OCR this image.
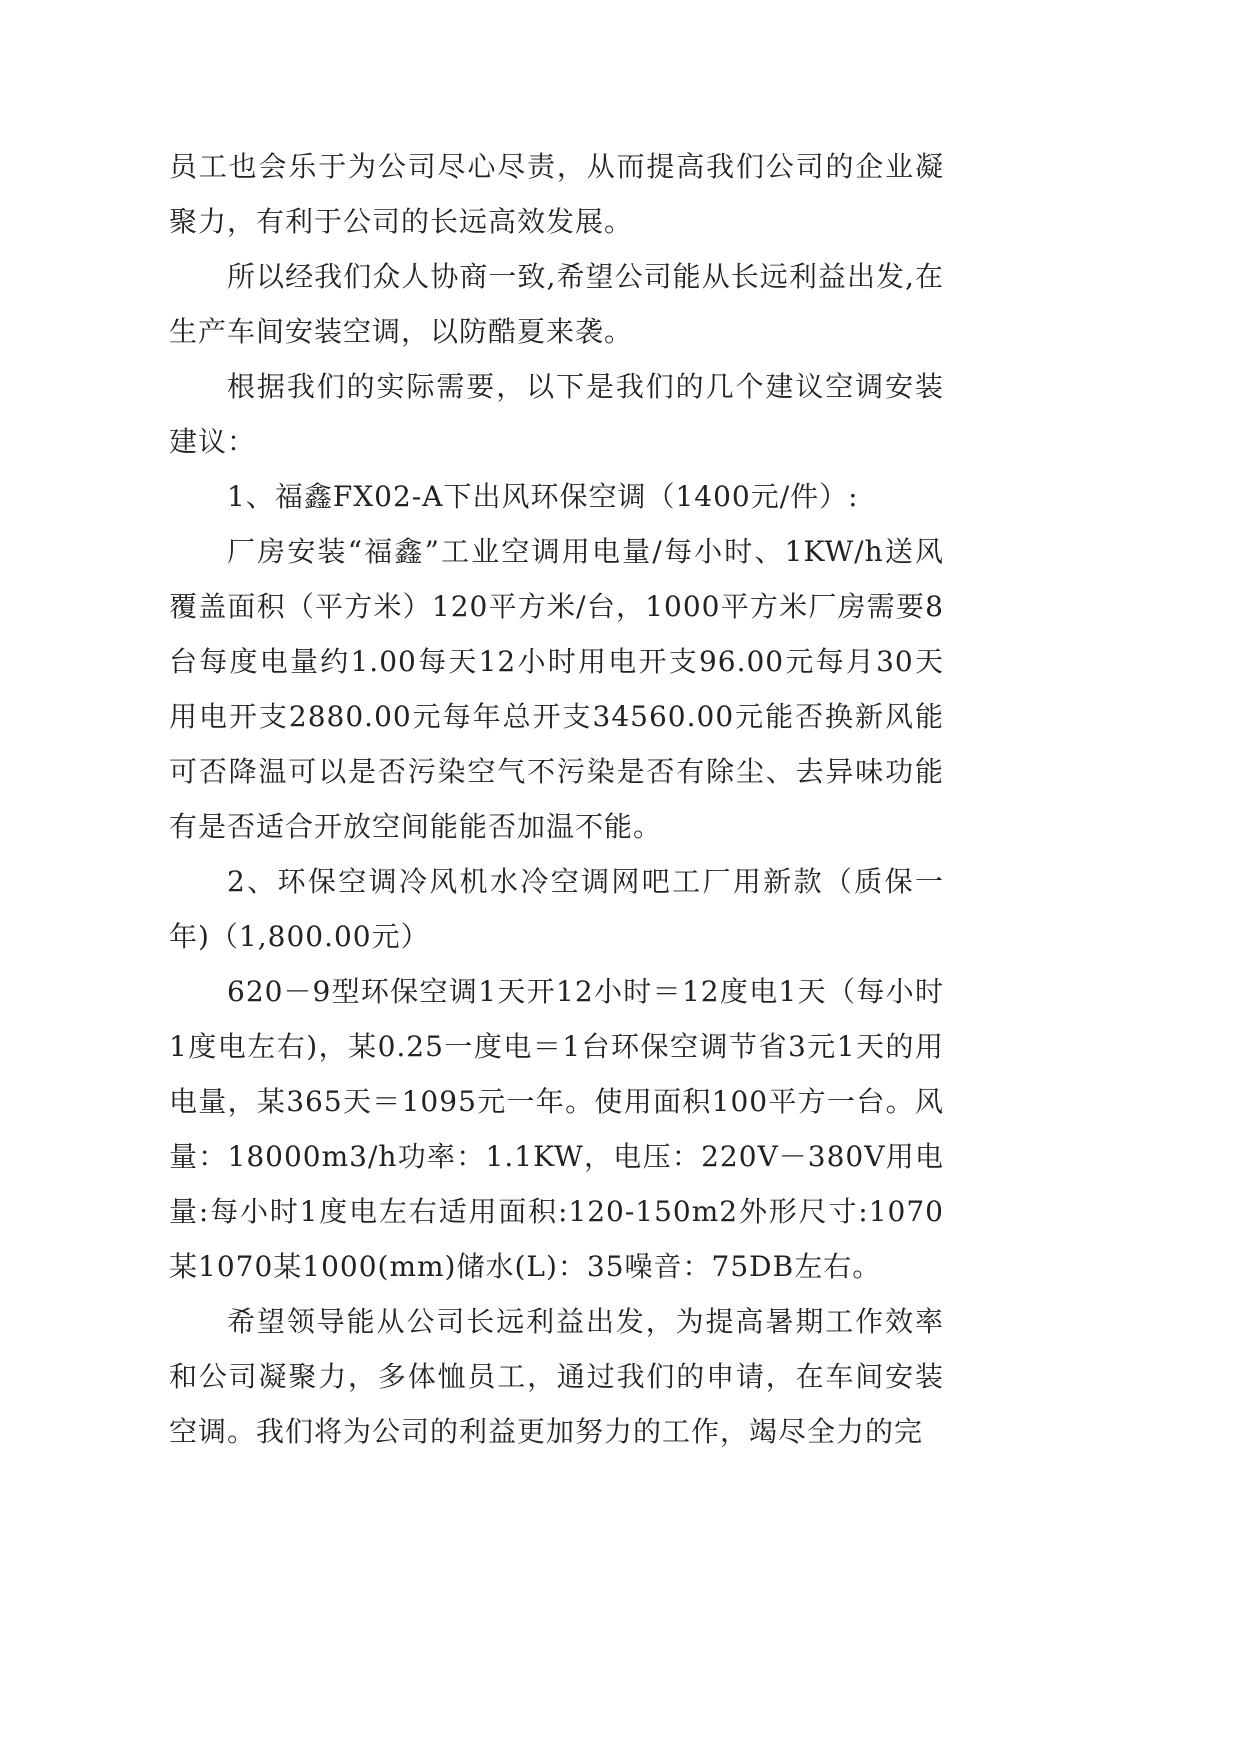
员工也会乐于为公司尽心尽责，从而提高我们公司的企业凝聚力，有利于公司的长远高效发展。

所以经我们众人协商一致,希望公司能从长远利益出发,在生产车间安装空调，以防酷夏来袭。

根据我们的实际需要，以下是我们的几个建议空调安装建议：

1、福鑫FX02-A下出风环保空调（1400元/件）:

厂房安装“福鑫”工业空调用电量/每小时、1KW/h送风覆盖面积（平方米）120平方米/台，1000平方米厂房需要8台每度电量约1.00每天12小时用电开支96.00元每月30天用电开支2880.00元每年总开支34560.00元能否换新风能可否降温可以是否污染空气不污染是否有除尘、去异味功能有是否适合开放空间能能否加温不能。

2、环保空调冷风机水冷空调网吧工厂用新款（质保一年)（1,800.00元）

620－9型环保空调1天开12小时＝12度电1天（每小时1度电左右)，某0.25一度电＝1台环保空调节省3元1天的用电量，某365天＝1095元一年。使用面积100平方一台。风量：18000m3/h功率：1.1KW，电压：220V－380V用电量:每小时1度电左右适用面积:120-150m2外形尺寸:1070某1070某1000(mm)储水(L)：35噪音：75DB左右。

希望领导能从公司长远利益出发，为提高暑期工作效率和公司凝聚力，多体恤员工，通过我们的申请，在车间安装空调。我们将为公司的利益更加努力的工作，竭尽全力的完
